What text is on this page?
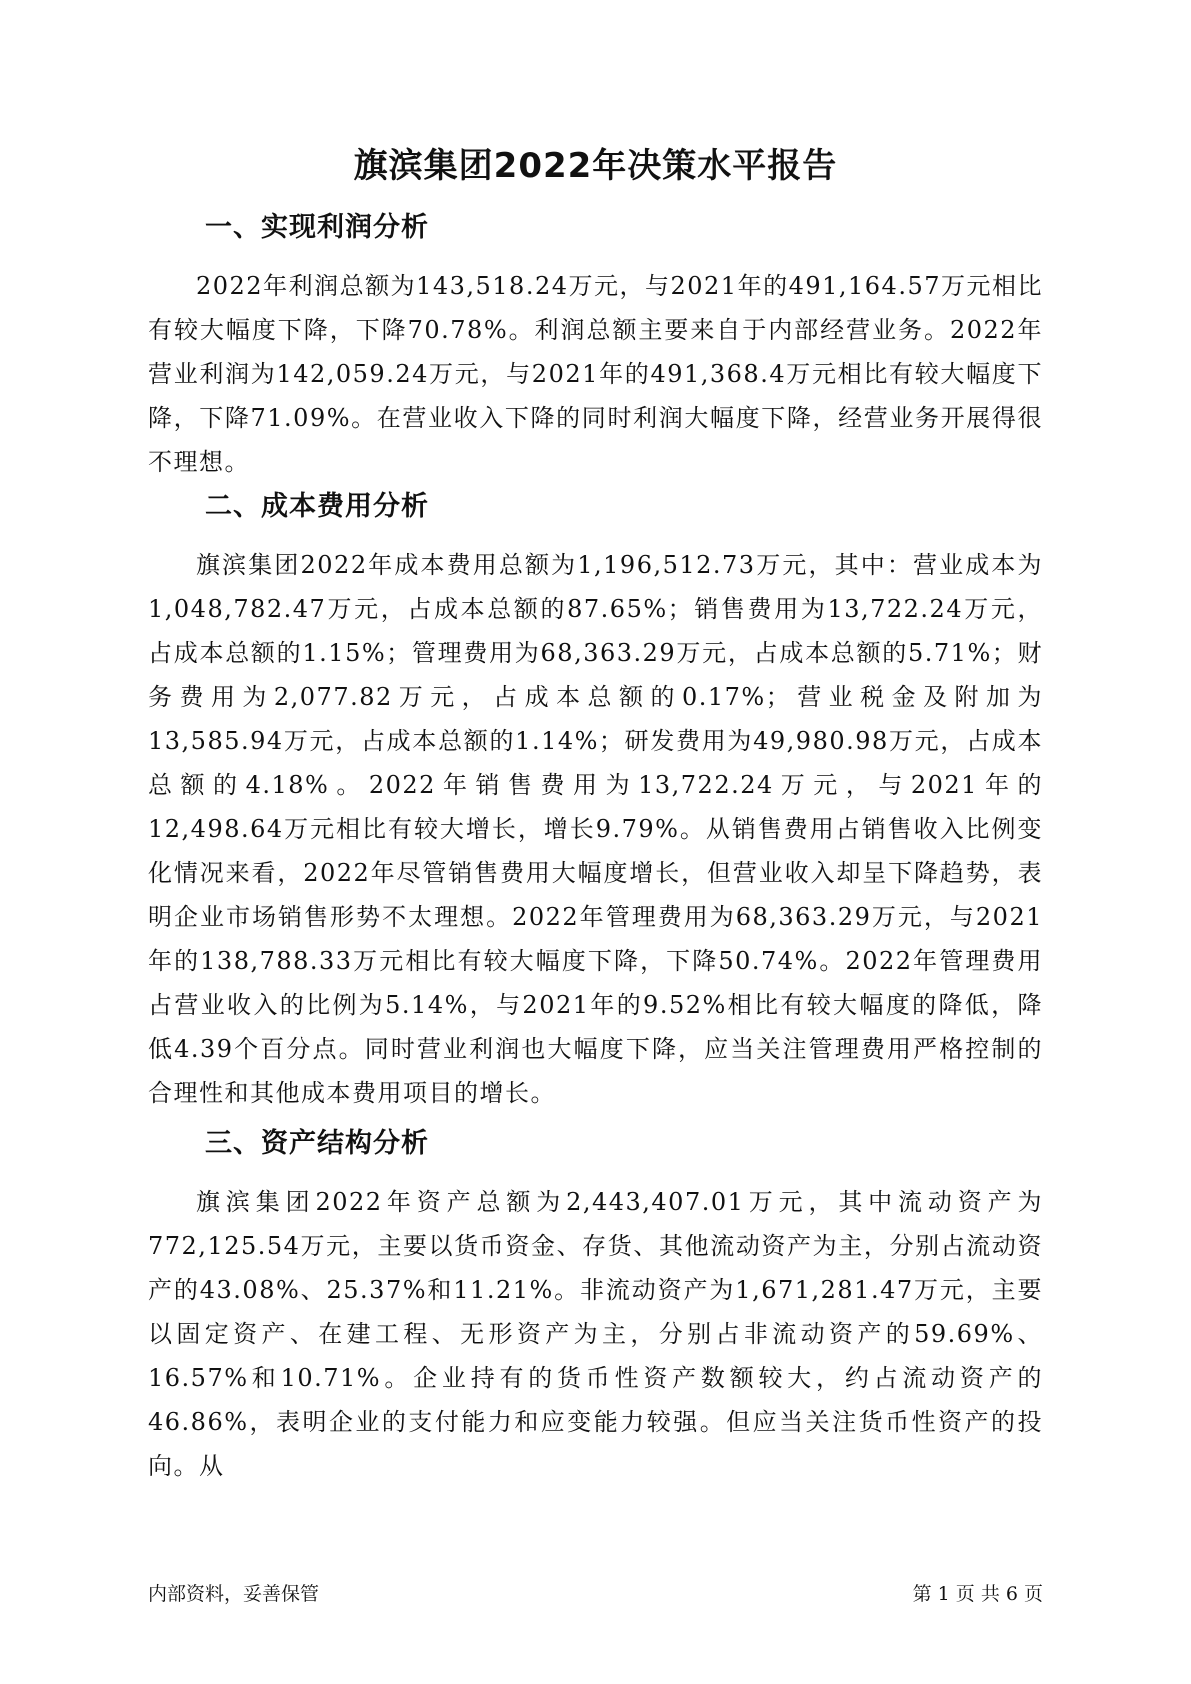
旗滨集团2022年决策水平报告
一、实现利润分析

2022年利润总额为143,518.24万元，与2021年的491,164.57万元相比有较大幅度下降，下降70.78%。利润总额主要来自于内部经营业务。2022年营业利润为142,059.24万元，与2021年的491,368.4万元相比有较大幅度下降，下降71.09%。在营业收入下降的同时利润大幅度下降，经营业务开展得很不理想。

二、成本费用分析

旗滨集团2022年成本费用总额为1,196,512.73万元，其中：营业成本为1,048,782.47万元，占成本总额的87.65%；销售费用为13,722.24万元，占成本总额的1.15%；管理费用为68,363.29万元，占成本总额的5.71%；财务费用为2,077.82万元，占成本总额的0.17%；营业税金及附加为13,585.94万元，占成本总额的1.14%；研发费用为49,980.98万元，占成本总额的4.18%。2022年销售费用为13,722.24万元，与2021年的12,498.64万元相比有较大增长，增长9.79%。从销售费用占销售收入比例变化情况来看，2022年尽管销售费用大幅度增长，但营业收入却呈下降趋势，表明企业市场销售形势不太理想。2022年管理费用为68,363.29万元，与2021年的138,788.33万元相比有较大幅度下降，下降50.74%。2022年管理费用占营业收入的比例为5.14%，与2021年的9.52%相比有较大幅度的降低，降低4.39个百分点。同时营业利润也大幅度下降，应当关注管理费用严格控制的合理性和其他成本费用项目的增长。

三、资产结构分析

旗滨集团2022年资产总额为2,443,407.01万元，其中流动资产为772,125.54万元，主要以货币资金、存货、其他流动资产为主，分别占流动资产的43.08%、25.37%和11.21%。非流动资产为1,671,281.47万元，主要以固定资产、在建工程、无形资产为主，分别占非流动资产的59.69%、16.57%和10.71%。企业持有的货币性资产数额较大，约占流动资产的46.86%，表明企业的支付能力和应变能力较强。但应当关注货币性资产的投向。从

内部资料，妥善保管	第 1 页 共 6 页
